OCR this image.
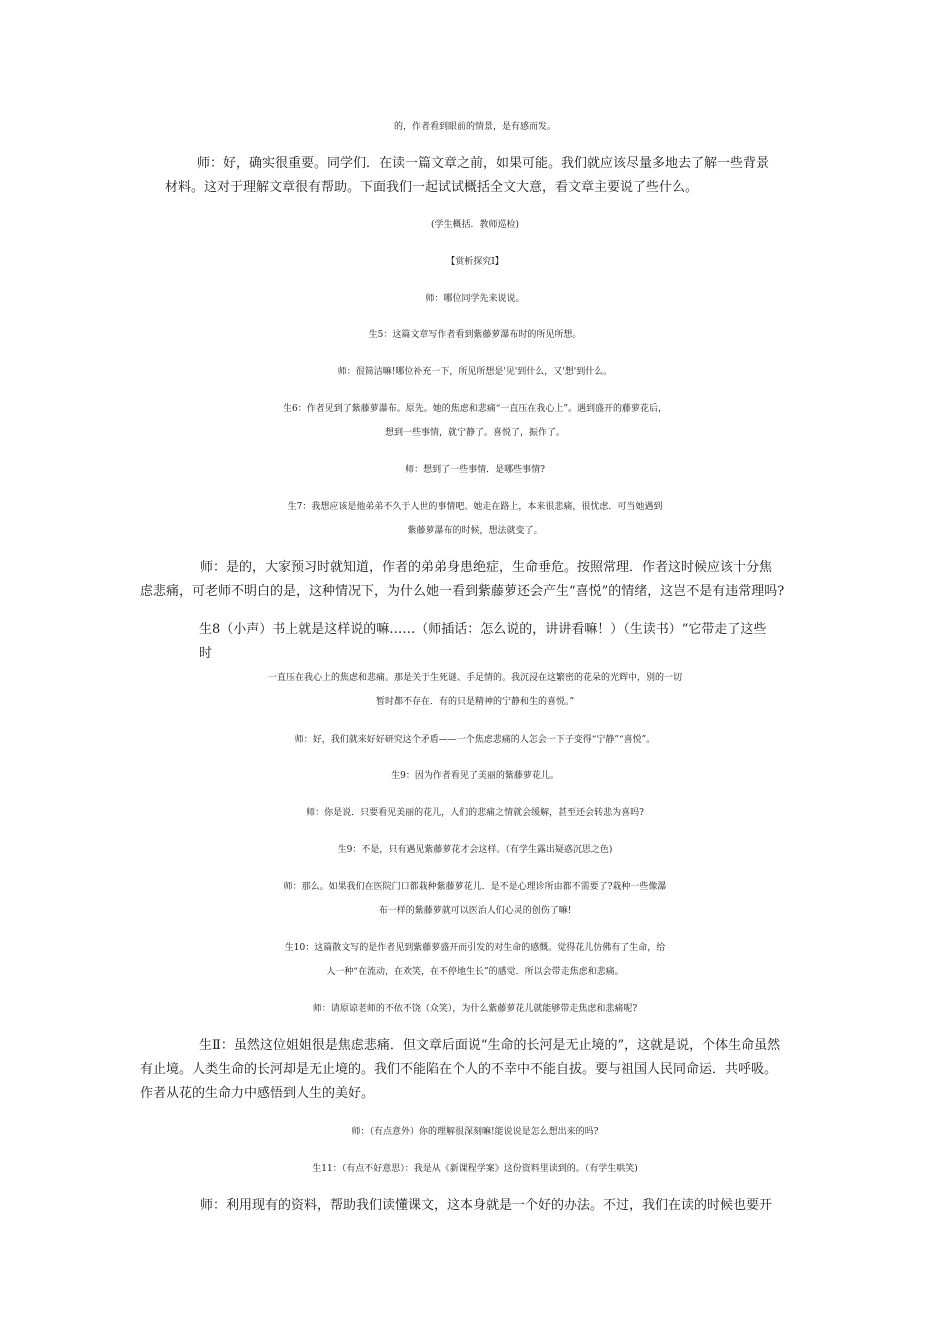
的，作者看到眼前的情景，是有感而发。

师：好，确实很重要。同学们．在读一篇文章之前，如果可能。我们就应该尽量多地去了解一些背景

材料。这对于理解文章很有帮助。下面我们一起试试概括全文大意，看文章主要说了些什么。

(学生概括．教师巡检)

【赏析探究Ⅰ】

师：哪位同学先来说说。

生5：这篇文章写作者看到紫藤萝瀑布时的所见所想。

师：很简洁嘛!哪位补充一下，所见所想是'见'到什么，又'想'到什么。

生6：作者见到了紫藤萝瀑布。原先。她的焦虑和悲痛“一直压在我心上”。遇到盛开的藤萝花后，

想到一些事情，就宁静了。喜悦了，振作了。

师：想到了一些事情．是哪些事情?

生7：我想应该是他弟弟不久于人世的事情吧。她走在路上，本来很悲痛，很忧虑．可当她遇到

紫藤萝瀑布的时候，想法就变了。

师：是的，大家预习时就知道，作者的弟弟身患绝症，生命垂危。按照常理．作者这时候应该十分焦

虑悲痛，可老师不明白的是，这种情况下，为什么她一看到紫藤萝还会产生“喜悦”的情绪，这岂不是有违常理吗?

生8（小声）书上就是这样说的嘛……（师插话：怎么说的，讲讲看嘛！）（生读书）“它带走了这些

时

一直压在我心上的焦虑和悲痛。那是关于生死谜、手足情的。我沉浸在这繁密的花朵的光辉中，别的一切

暂时都不存在．有的只是精神的宁静和生的喜悦。”

师：好，我们就来好好研究这个矛盾——一个焦虑悲痛的人怎会一下子变得“宁静”“喜悦”。

生9：因为作者看见了美丽的紫藤萝花儿。

师：你是说．只要看见美丽的花儿，人们的悲痛之情就会缓解，甚至还会转悲为喜吗?

生9：不是，只有遇见紫藤萝花才会这样。（有学生露出疑惑沉思之色)

师：那么。如果我们在医院门口都栽种紫藤萝花儿．是不是心理诊所由都不需要了?栽种一些像瀑

布一样的紫藤萝就可以医治人们心灵的创伤了嘛!

生10：这篇散文写的是作者见到紫藤萝盛开而引发的对生命的感慨。觉得花儿仿佛有了生命，给

人一种“在流动，在欢笑，在不停地生长”的感觉．所以会带走焦虑和悲痛。

师：请原谅老师的不依不饶（众笑），为什么紫藤萝花儿就能够带走焦虑和悲痛呢?

生Ⅱ：虽然这位姐姐很是焦虑悲痛．但文章后面说“生命的长河是无止境的”，这就是说，个体生命虽然

有止境。人类生命的长河却是无止境的。我们不能陷在个人的不幸中不能自拔。要与祖国人民同命运．共呼吸。

作者从花的生命力中感悟到人生的美好。

师：（有点意外）你的理解很深刻嘛!能说说是怎么想出来的吗?

生11：（有点不好意思）：我是从《新课程学案》这份资料里读到的。（有学生哄笑)

师：利用现有的资料，帮助我们读懂课文，这本身就是一个好的办法。不过，我们在读的时候也要开
